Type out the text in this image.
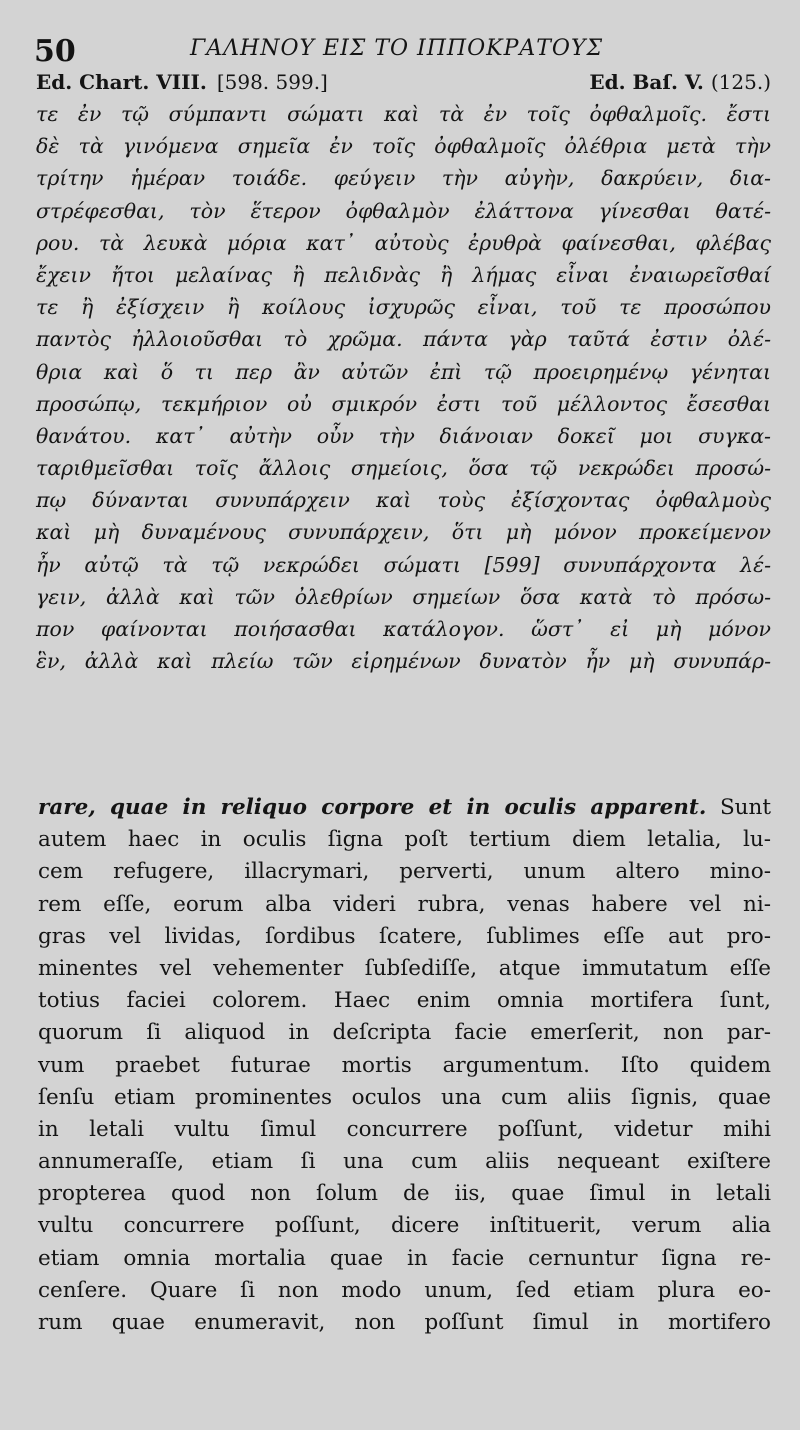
50	ΓΑΛΗΝΟΥ ΕΙΣ ΤΟ ΙΠΠΟΚΡΑΤΟΥΣ
Ed. Chart. VIII. [598. 599.]	Ed. Baſ. V. (125.)
τε ἐν τῷ σύμπαντι σώματι καὶ τὰ ἐν τοῖς ὀφθαλμοῖς. ἔστι
δὲ τὰ γινόμενα σημεῖα ἐν τοῖς ὀφθαλμοῖς ὀλέθρια μετὰ τὴν
τρίτην ἡμέραν τοιάδε. φεύγειν τὴν αὐγὴν, δακρύειν, δια-
στρέφεσθαι, τὸν ἕτερον ὀφθαλμὸν ἐλάττονα γίνεσθαι θατέ-
ρου. τὰ λευκὰ μόρια κατ᾽ αὐτοὺς ἐρυθρὰ φαίνεσθαι, φλέβας
ἔχειν ἤτοι μελαίνας ἢ πελιδνὰς ἢ λήμας εἶναι ἐναιωρεῖσθαί
τε ἢ ἐξίσχειν ἢ κοίλους ἰσχυρῶς εἶναι, τοῦ τε προσώπου
παντὸς ἠλλοιοῦσθαι τὸ χρῶμα. πάντα γὰρ ταῦτά ἐστιν ὀλέ-
θρια καὶ ὅ τι περ ἂν αὐτῶν ἐπὶ τῷ προειρημένῳ γένηται
προσώπῳ, τεκμήριον οὐ σμικρόν ἐστι τοῦ μέλλοντος ἔσεσθαι
θανάτου. κατ᾽ αὐτὴν οὖν τὴν διάνοιαν δοκεῖ μοι συγκα-
ταριθμεῖσθαι τοῖς ἄλλοις σημείοις, ὅσα τῷ νεκρώδει προσώ-
πῳ δύνανται συνυπάρχειν καὶ τοὺς ἐξίσχοντας ὀφθαλμοὺς
καὶ μὴ δυναμένους συνυπάρχειν, ὅτι μὴ μόνον προκείμενον
ἦν αὐτῷ τὰ τῷ νεκρώδει σώματι [599] συνυπάρχοντα λέ-
γειν, ἀλλὰ καὶ τῶν ὀλεθρίων σημείων ὅσα κατὰ τὸ πρόσω-
πον φαίνονται ποιήσασθαι κατάλογον. ὥστ᾽ εἰ μὴ μόνον
ἓν, ἀλλὰ καὶ πλείω τῶν εἰρημένων δυνατὸν ἦν μὴ συνυπάρ-
rare, quae in reliquo corpore et in oculis apparent. Sunt
autem haec in oculis ſigna poſt tertium diem letalia, lu-
cem refugere, illacrymari, perverti, unum altero mino-
rem eſſe, eorum alba videri rubra, venas habere vel ni-
gras vel lividas, ſordibus ſcatere, ſublimes eſſe aut pro-
minentes vel vehementer ſubſediſſe, atque immutatum eſſe
totius faciei colorem. Haec enim omnia mortifera ſunt,
quorum ſi aliquod in deſcripta facie emerſerit, non par-
vum praebet futurae mortis argumentum. Iſto quidem
ſenſu etiam prominentes oculos una cum aliis ſignis, quae
in letali vultu ſimul concurrere poſſunt, videtur mihi
annumeraſſe, etiam ſi una cum aliis nequeant exiſtere
propterea quod non ſolum de iis, quae ſimul in letali
vultu concurrere poſſunt, dicere inſtituerit, verum alia
etiam omnia mortalia quae in facie cernuntur ſigna re-
cenſere. Quare ſi non modo unum, ſed etiam plura eo-
rum quae enumeravit, non poſſunt ſimul in mortifero
